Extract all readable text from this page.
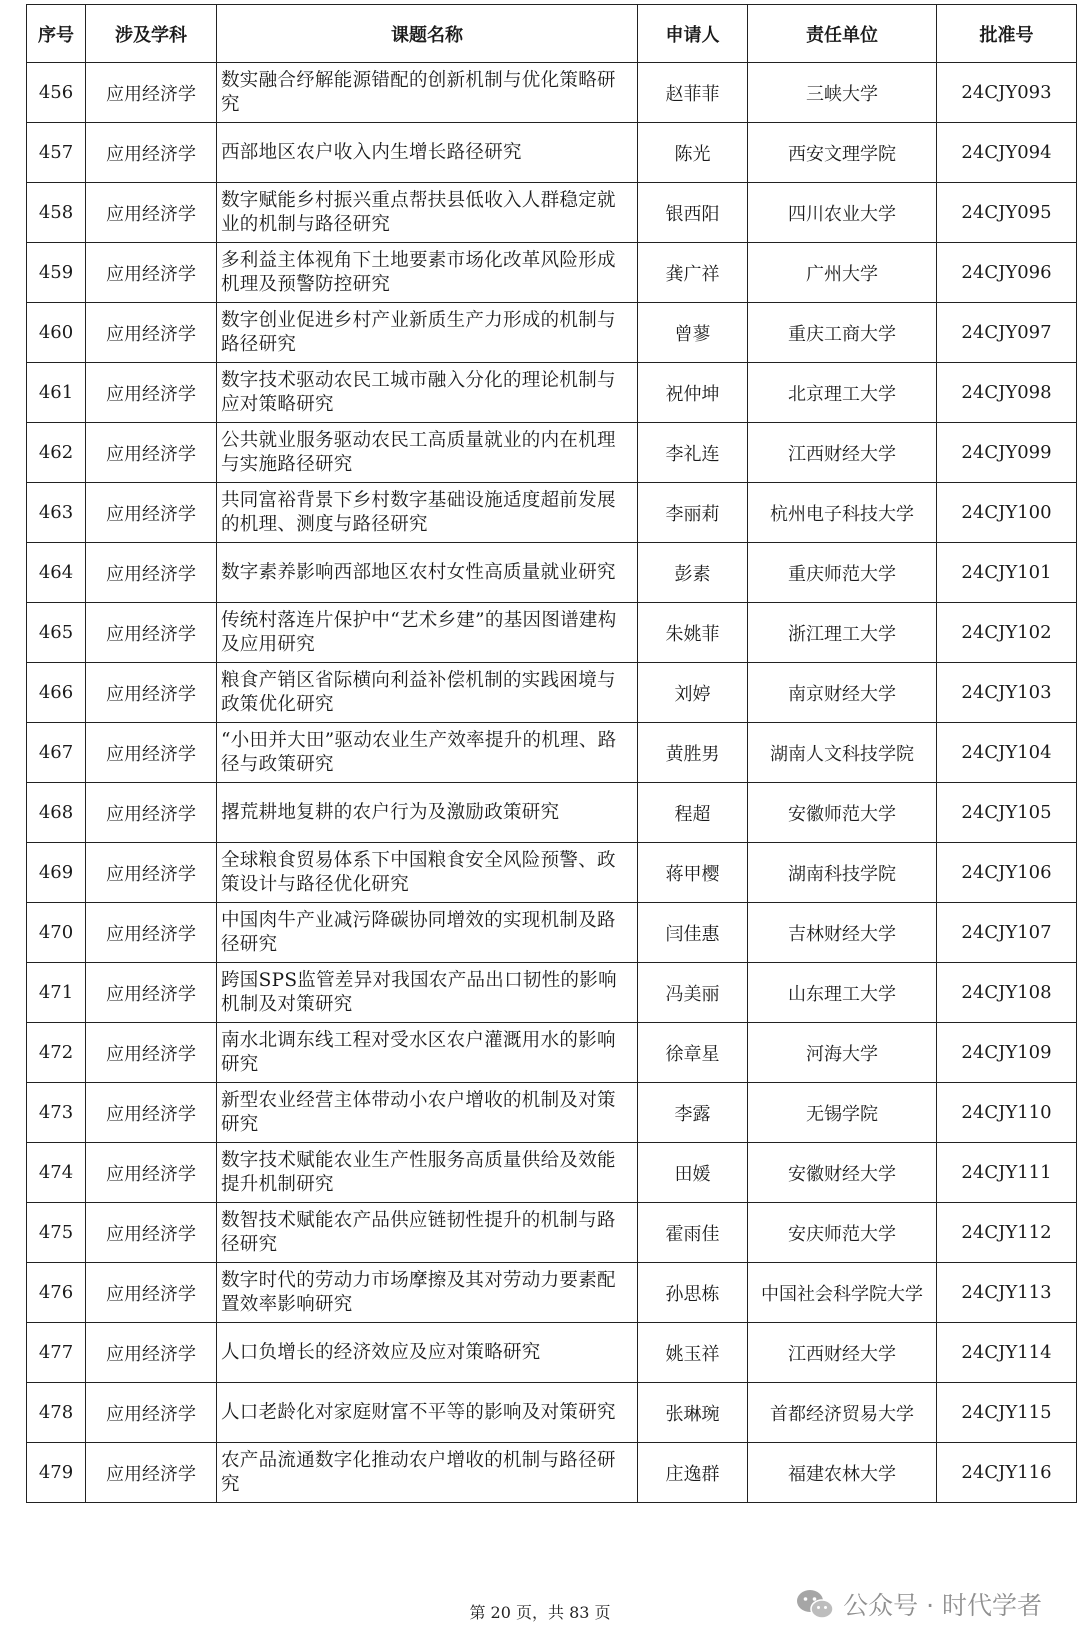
序号	涉及学科	课题名称	申请人	责任单位	批准号
456	应用经济学	数实融合纾解能源错配的创新机制与优化策略研究	赵菲菲	三峡大学	24CJY093
457	应用经济学	西部地区农户收入内生增长路径研究	陈光	西安文理学院	24CJY094
458	应用经济学	数字赋能乡村振兴重点帮扶县低收入人群稳定就业的机制与路径研究	银西阳	四川农业大学	24CJY095
459	应用经济学	多利益主体视角下土地要素市场化改革风险形成机理及预警防控研究	龚广祥	广州大学	24CJY096
460	应用经济学	数字创业促进乡村产业新质生产力形成的机制与路径研究	曾蓼	重庆工商大学	24CJY097
461	应用经济学	数字技术驱动农民工城市融入分化的理论机制与应对策略研究	祝仲坤	北京理工大学	24CJY098
462	应用经济学	公共就业服务驱动农民工高质量就业的内在机理与实施路径研究	李礼连	江西财经大学	24CJY099
463	应用经济学	共同富裕背景下乡村数字基础设施适度超前发展的机理、测度与路径研究	李丽莉	杭州电子科技大学	24CJY100
464	应用经济学	数字素养影响西部地区农村女性高质量就业研究	彭素	重庆师范大学	24CJY101
465	应用经济学	传统村落连片保护中“艺术乡建”的基因图谱建构及应用研究	朱姚菲	浙江理工大学	24CJY102
466	应用经济学	粮食产销区省际横向利益补偿机制的实践困境与政策优化研究	刘婷	南京财经大学	24CJY103
467	应用经济学	“小田并大田”驱动农业生产效率提升的机理、路径与政策研究	黄胜男	湖南人文科技学院	24CJY104
468	应用经济学	撂荒耕地复耕的农户行为及激励政策研究	程超	安徽师范大学	24CJY105
469	应用经济学	全球粮食贸易体系下中国粮食安全风险预警、政策设计与路径优化研究	蒋甲樱	湖南科技学院	24CJY106
470	应用经济学	中国肉牛产业减污降碳协同增效的实现机制及路径研究	闫佳惠	吉林财经大学	24CJY107
471	应用经济学	跨国SPS监管差异对我国农产品出口韧性的影响机制及对策研究	冯美丽	山东理工大学	24CJY108
472	应用经济学	南水北调东线工程对受水区农户灌溉用水的影响研究	徐章星	河海大学	24CJY109
473	应用经济学	新型农业经营主体带动小农户增收的机制及对策研究	李露	无锡学院	24CJY110
474	应用经济学	数字技术赋能农业生产性服务高质量供给及效能提升机制研究	田媛	安徽财经大学	24CJY111
475	应用经济学	数智技术赋能农产品供应链韧性提升的机制与路径研究	霍雨佳	安庆师范大学	24CJY112
476	应用经济学	数字时代的劳动力市场摩擦及其对劳动力要素配置效率影响研究	孙思栋	中国社会科学院大学	24CJY113
477	应用经济学	人口负增长的经济效应及应对策略研究	姚玉祥	江西财经大学	24CJY114
478	应用经济学	人口老龄化对家庭财富不平等的影响及对策研究	张琳琬	首都经济贸易大学	24CJY115
479	应用经济学	农产品流通数字化推动农户增收的机制与路径研究	庄逸群	福建农林大学	24CJY116
第 20 页，共 83 页	公众号 · 时代学者
